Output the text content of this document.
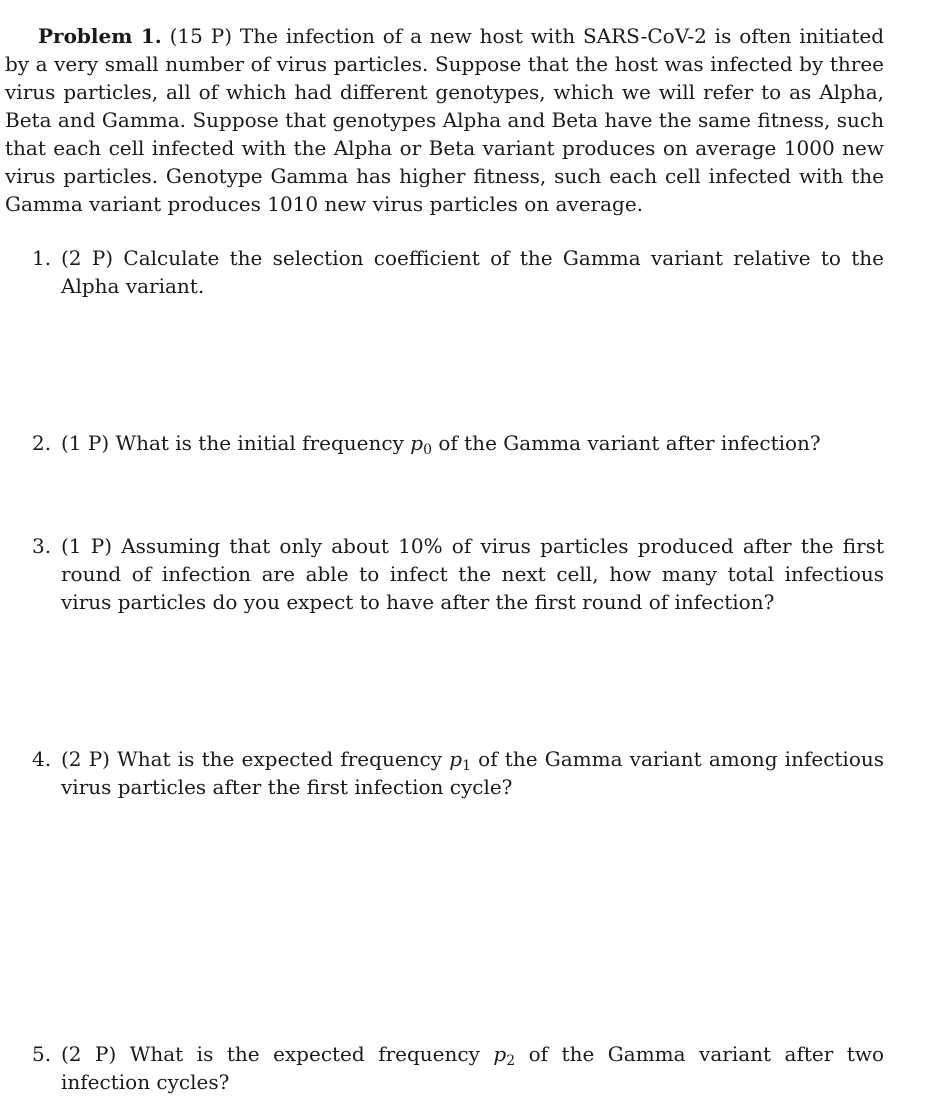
Problem 1. (15 P) The infection of a new host with SARS-CoV-2 is often initiated by a very small number of virus particles. Suppose that the host was infected by three virus particles, all of which had different genotypes, which we will refer to as Alpha, Beta and Gamma. Suppose that genotypes Alpha and Beta have the same fitness, such that each cell infected with the Alpha or Beta variant produces on average 1000 new virus particles. Genotype Gamma has higher fitness, such each cell infected with the Gamma variant produces 1010 new virus particles on average.
1. (2 P) Calculate the selection coefficient of the Gamma variant relative to the Alpha variant.
2. (1 P) What is the initial frequency $p_0$ of the Gamma variant after infection?
3. (1 P) Assuming that only about 10% of virus particles produced after the first round of infection are able to infect the next cell, how many total infectious virus particles do you expect to have after the first round of infection?
4. (2 P) What is the expected frequency $p_1$ of the Gamma variant among infectious virus particles after the first infection cycle?
5. (2 P) What is the expected frequency $p_2$ of the Gamma variant after two infection cycles?
